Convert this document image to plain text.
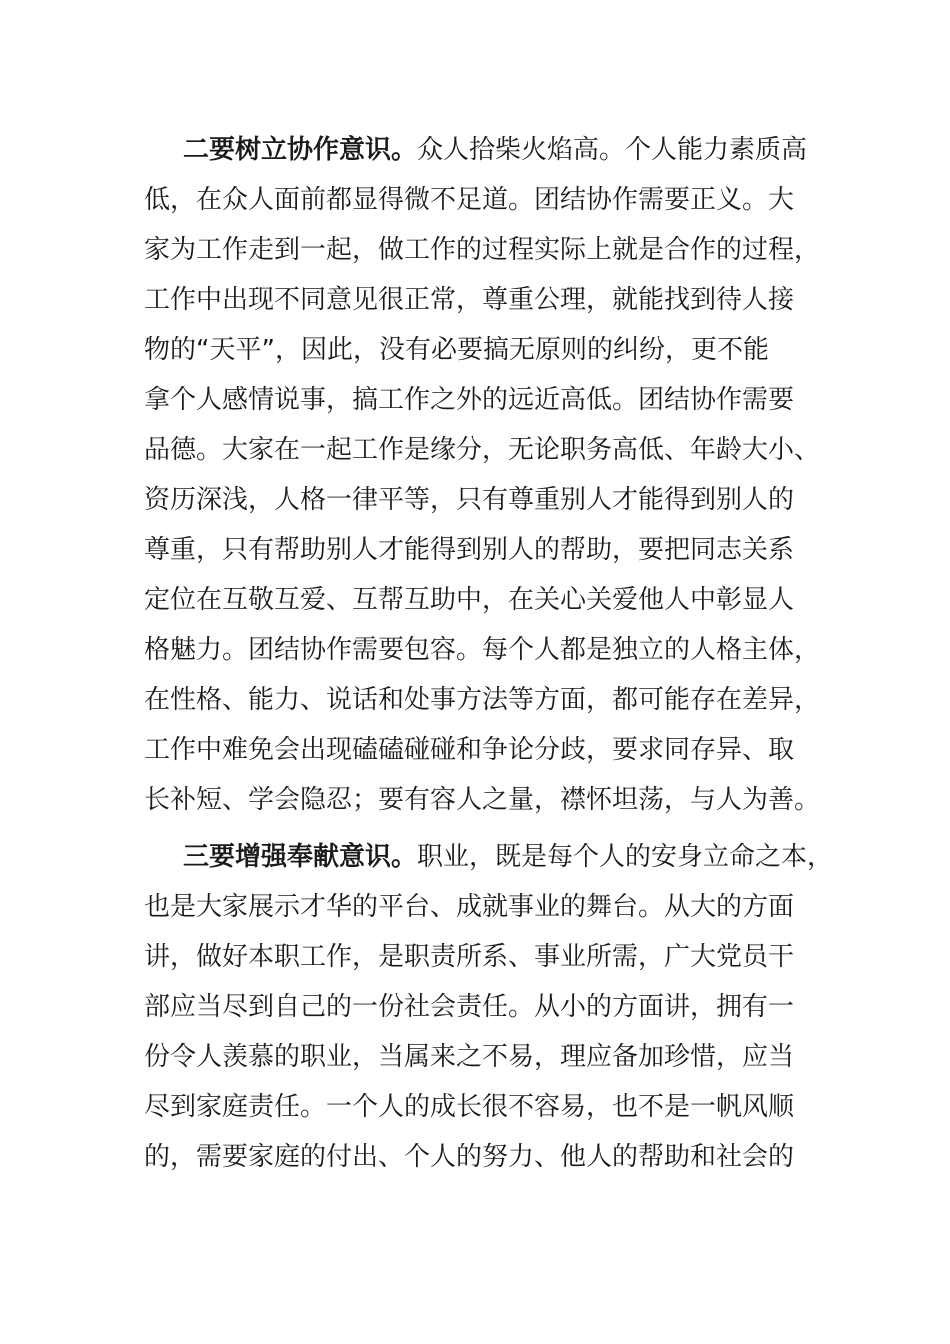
二要树立协作意识。众人拾柴火焰高。个人能力素质高
低，在众人面前都显得微不足道。团结协作需要正义。大
家为工作走到一起，做工作的过程实际上就是合作的过程，
工作中出现不同意见很正常，尊重公理，就能找到待人接
物的“天平”，因此，没有必要搞无原则的纠纷，更不能
拿个人感情说事，搞工作之外的远近高低。团结协作需要
品德。大家在一起工作是缘分，无论职务高低、年龄大小、
资历深浅，人格一律平等，只有尊重别人才能得到别人的
尊重，只有帮助别人才能得到别人的帮助，要把同志关系
定位在互敬互爱、互帮互助中，在关心关爱他人中彰显人
格魅力。团结协作需要包容。每个人都是独立的人格主体，
在性格、能力、说话和处事方法等方面，都可能存在差异，
工作中难免会出现磕磕碰碰和争论分歧，要求同存异、取
长补短、学会隐忍；要有容人之量，襟怀坦荡，与人为善。
三要增强奉献意识。职业，既是每个人的安身立命之本，
也是大家展示才华的平台、成就事业的舞台。从大的方面
讲，做好本职工作，是职责所系、事业所需，广大党员干
部应当尽到自己的一份社会责任。从小的方面讲，拥有一
份令人羡慕的职业，当属来之不易，理应备加珍惜，应当
尽到家庭责任。一个人的成长很不容易，也不是一帆风顺
的，需要家庭的付出、个人的努力、他人的帮助和社会的
